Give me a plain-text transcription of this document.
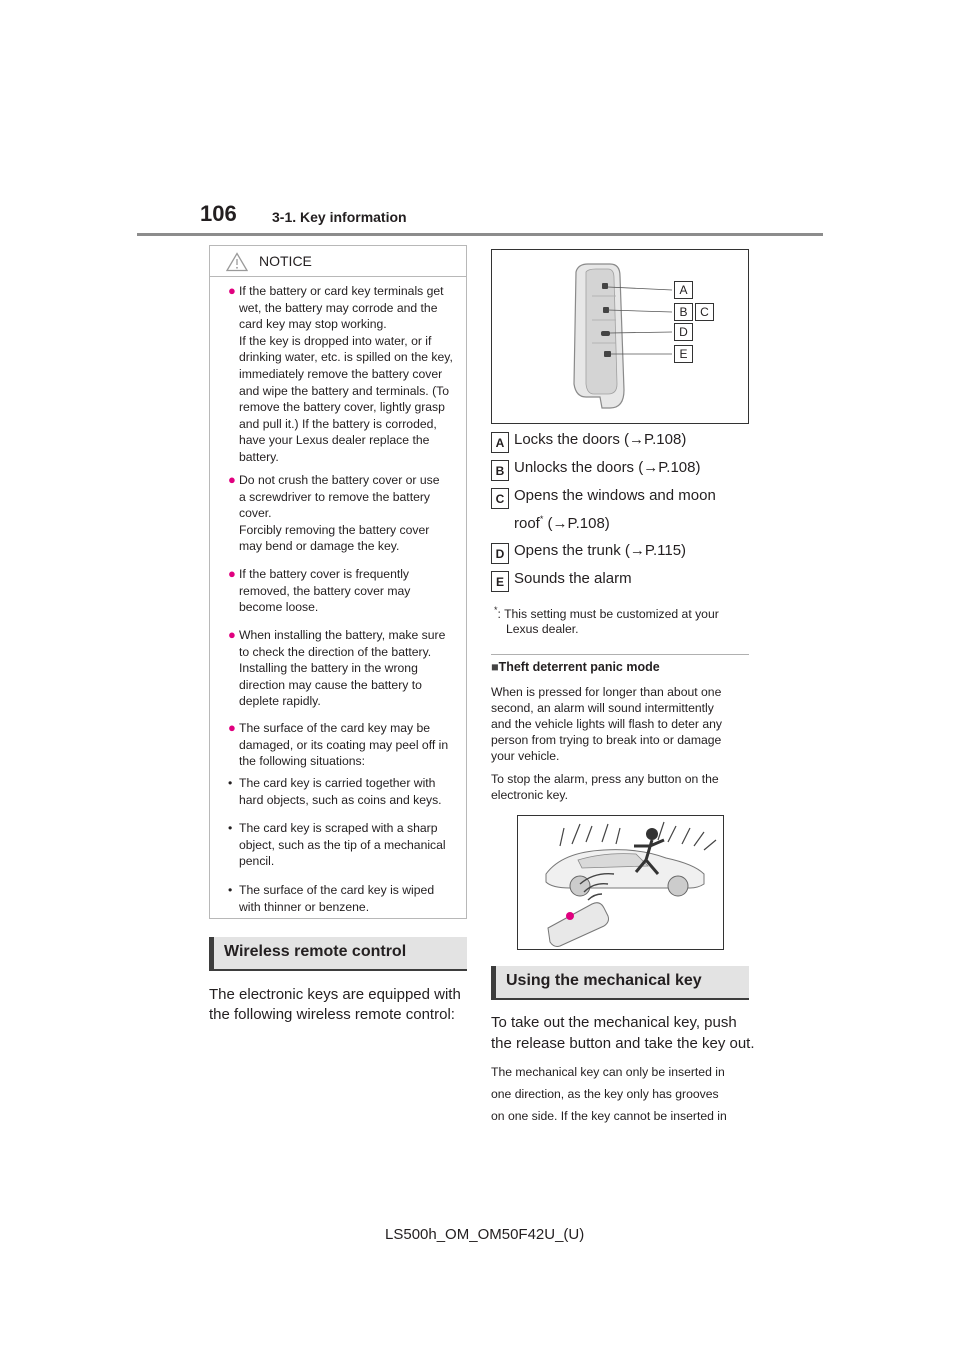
106	3-1. Key information
NOTICE
● If the battery or card key terminals get
wet, the battery may corrode and the
card key may stop working.
If the key is dropped into water, or if
drinking water, etc. is spilled on the key,
immediately remove the battery cover
and wipe the battery and terminals. (To
remove the battery cover, lightly grasp
and pull it.) If the battery is corroded,
have your Lexus dealer replace the
battery.
● Do not crush the battery cover or use
a screwdriver to remove the battery
cover.
Forcibly removing the battery cover
may bend or damage the key.
● If the battery cover is frequently
removed, the battery cover may
become loose.
● When installing the battery, make sure
to check the direction of the battery.
Installing the battery in the wrong
direction may cause the battery to
deplete rapidly.
● The surface of the card key may be
damaged, or its coating may peel off in
the following situations:
• The card key is carried together with
hard objects, such as coins and keys.
• The card key is scraped with a sharp
object, such as the tip of a mechanical
pencil.
• The surface of the card key is wiped
with thinner or benzene.
Wireless remote control
The electronic keys are equipped with
the following wireless remote control:
A
B	C
D
E
A Locks the doors (→P.108)
B Unlocks the doors (→P.108)
C Opens the windows and moon
roof* (→P.108)
D Opens the trunk (→P.115)
E Sounds the alarm
*: This setting must be customized at your
Lexus dealer.
■Theft deterrent panic mode
When is pressed for longer than about one
second, an alarm will sound intermittently
and the vehicle lights will flash to deter any
person from trying to break into or damage
your vehicle.
To stop the alarm, press any button on the
electronic key.
Using the mechanical key
To take out the mechanical key, push
the release button and take the key out.
The mechanical key can only be inserted in
one direction, as the key only has grooves
on one side. If the key cannot be inserted in
LS500h_OM_OM50F42U_(U)
